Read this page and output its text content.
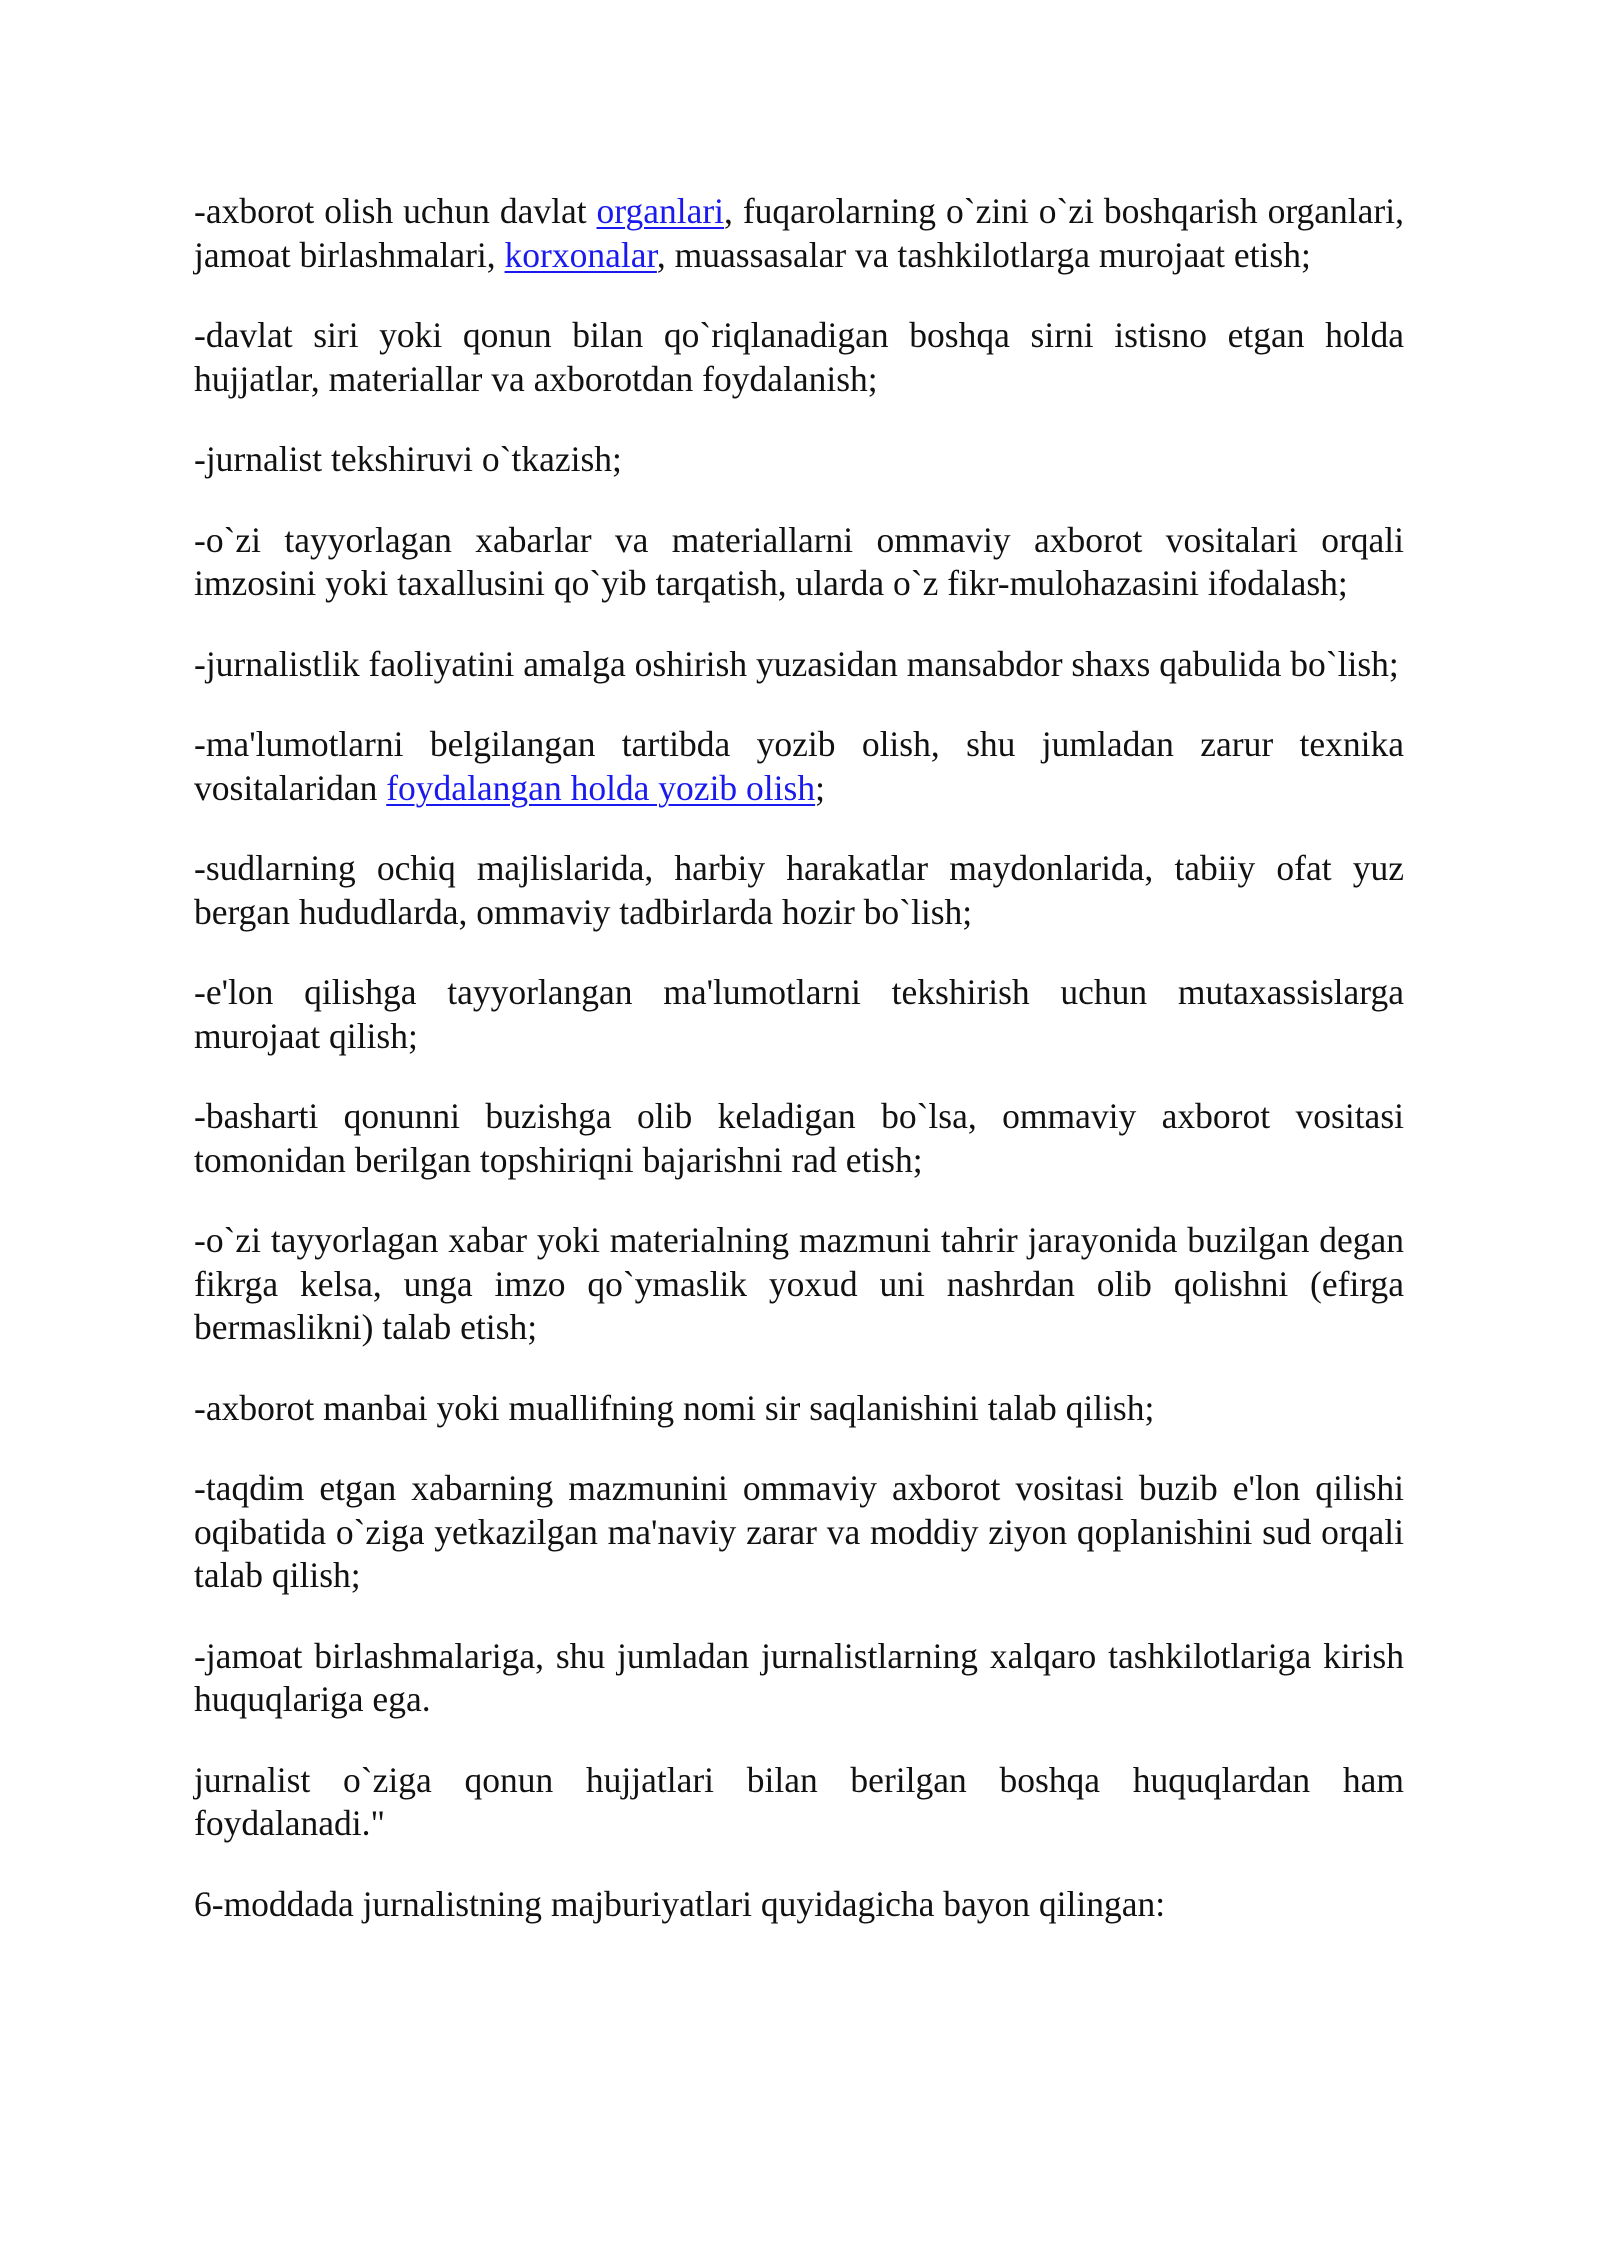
-axborot olish uchun davlat organlari, fuqarolarning o`zini o`zi boshqarish organlari, jamoat birlashmalari, korxonalar, muassasalar va tashkilotlarga murojaat etish;

-davlat siri yoki qonun bilan qo`riqlanadigan boshqa sirni istisno etgan holda hujjatlar, materiallar va axborotdan foydalanish;

-jurnalist tekshiruvi o`tkazish;

-o`zi tayyorlagan xabarlar va materiallarni ommaviy axborot vositalari orqali imzosini yoki taxallusini qo`yib tarqatish, ularda o`z fikr-mulohazasini ifodalash;

-jurnalistlik faoliyatini amalga oshirish yuzasidan mansabdor shaxs qabulida bo`lish;

-ma'lumotlarni belgilangan tartibda yozib olish, shu jumladan zarur texnika vositalaridan foydalangan holda yozib olish;

-sudlarning ochiq majlislarida, harbiy harakatlar maydonlarida, tabiiy ofat yuz bergan hududlarda, ommaviy tadbirlarda hozir bo`lish;

-e'lon qilishga tayyorlangan ma'lumotlarni tekshirish uchun mutaxassislarga murojaat qilish;

-basharti qonunni buzishga olib keladigan bo`lsa, ommaviy axborot vositasi tomonidan berilgan topshiriqni bajarishni rad etish;

-o`zi tayyorlagan xabar yoki materialning mazmuni tahrir jarayonida buzilgan degan fikrga kelsa, unga imzo qo`ymaslik yoxud uni nashrdan olib qolishni (efirga bermaslikni) talab etish;

-axborot manbai yoki muallifning nomi sir saqlanishini talab qilish;

-taqdim etgan xabarning mazmunini ommaviy axborot vositasi buzib e'lon qilishi oqibatida o`ziga yetkazilgan ma'naviy zarar va moddiy ziyon qoplanishini sud orqali talab qilish;

-jamoat birlashmalariga, shu jumladan jurnalistlarning xalqaro tashkilotlariga kirish huquqlariga ega.

jurnalist o`ziga qonun hujjatlari bilan berilgan boshqa huquqlardan ham foydalanadi."

6-moddada jurnalistning majburiyatlari quyidagicha bayon qilingan:
